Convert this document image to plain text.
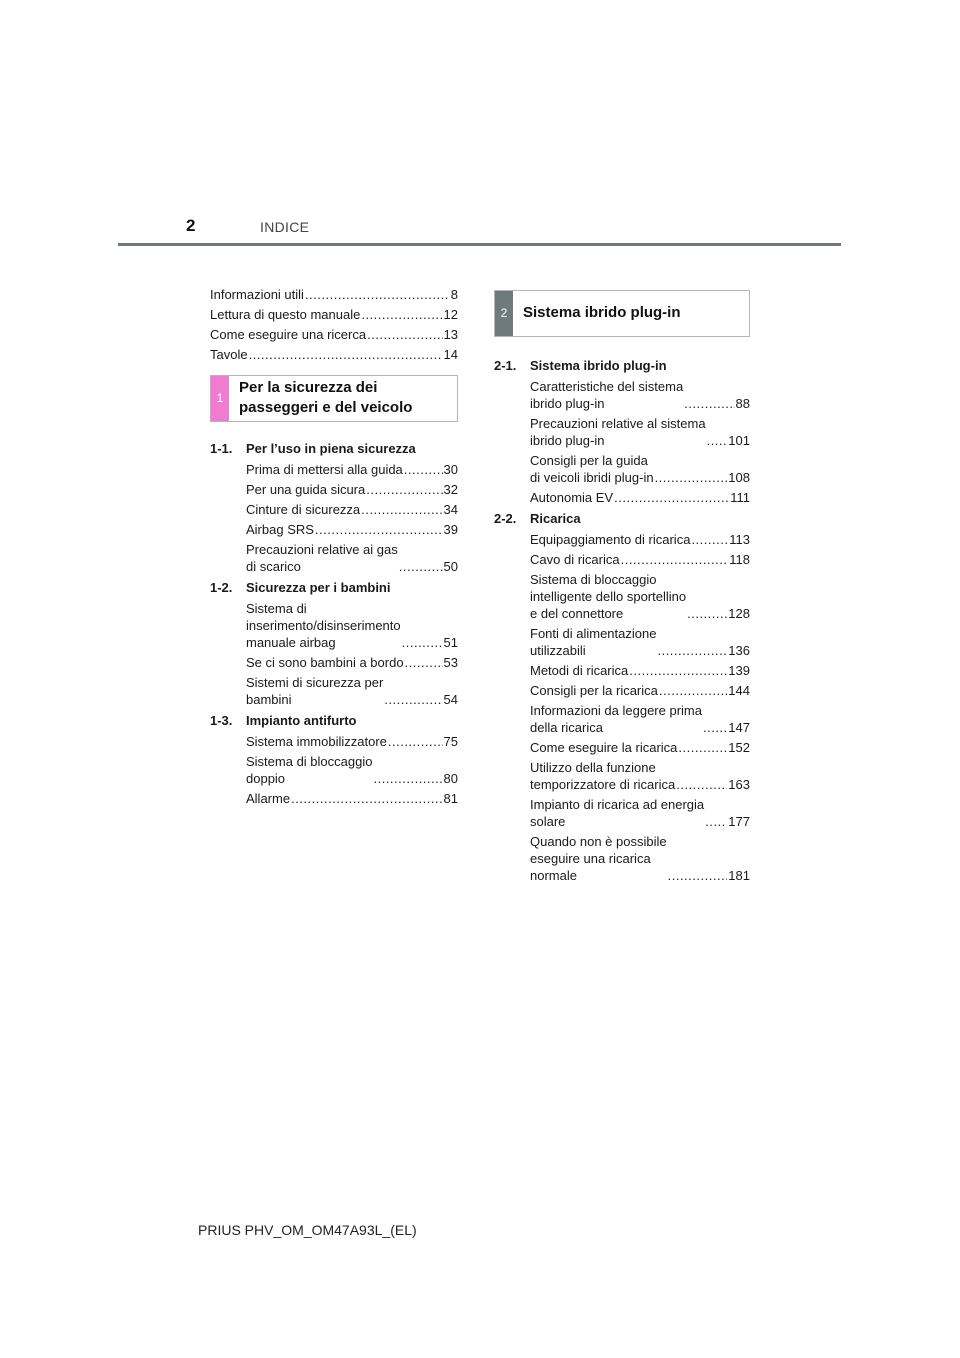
2	INDICE
Informazioni utili .....	8
Lettura di questo manuale .....	12
Come eseguire una ricerca .....	13
Tavole .....	14
1
Per la sicurezza dei
passeggeri e del veicolo
1-1.	Per l’uso in piena sicurezza
Prima di mettersi alla guida .....	30
Per una guida sicura .....	32
Cinture di sicurezza .....	34
Airbag SRS .....	39
Precauzioni relative ai gas
di scarico .....	50
1-2.	Sicurezza per i bambini
Sistema di
inserimento/disinserimento
manuale airbag .....	51
Se ci sono bambini a bordo .....	53
Sistemi di sicurezza per
bambini .....	54
1-3.	Impianto antifurto
Sistema immobilizzatore .....	75
Sistema di bloccaggio
doppio .....	80
Allarme .....	81
2	Sistema ibrido plug-in
2-1.	Sistema ibrido plug-in
Caratteristiche del sistema
ibrido plug-in .....	88
Precauzioni relative al sistema
ibrido plug-in .....	101
Consigli per la guida
di veicoli ibridi plug-in .....	108
Autonomia EV .....	111
2-2.	Ricarica
Equipaggiamento di ricarica .....	113
Cavo di ricarica .....	118
Sistema di bloccaggio
intelligente dello sportellino
e del connettore .....	128
Fonti di alimentazione
utilizzabili .....	136
Metodi di ricarica .....	139
Consigli per la ricarica .....	144
Informazioni da leggere prima
della ricarica .....	147
Come eseguire la ricarica .....	152
Utilizzo della funzione
temporizzatore di ricarica .....	163
Impianto di ricarica ad energia
solare .....	177
Quando non è possibile
eseguire una ricarica
normale .....	181
PRIUS PHV_OM_OM47A93L_(EL)
